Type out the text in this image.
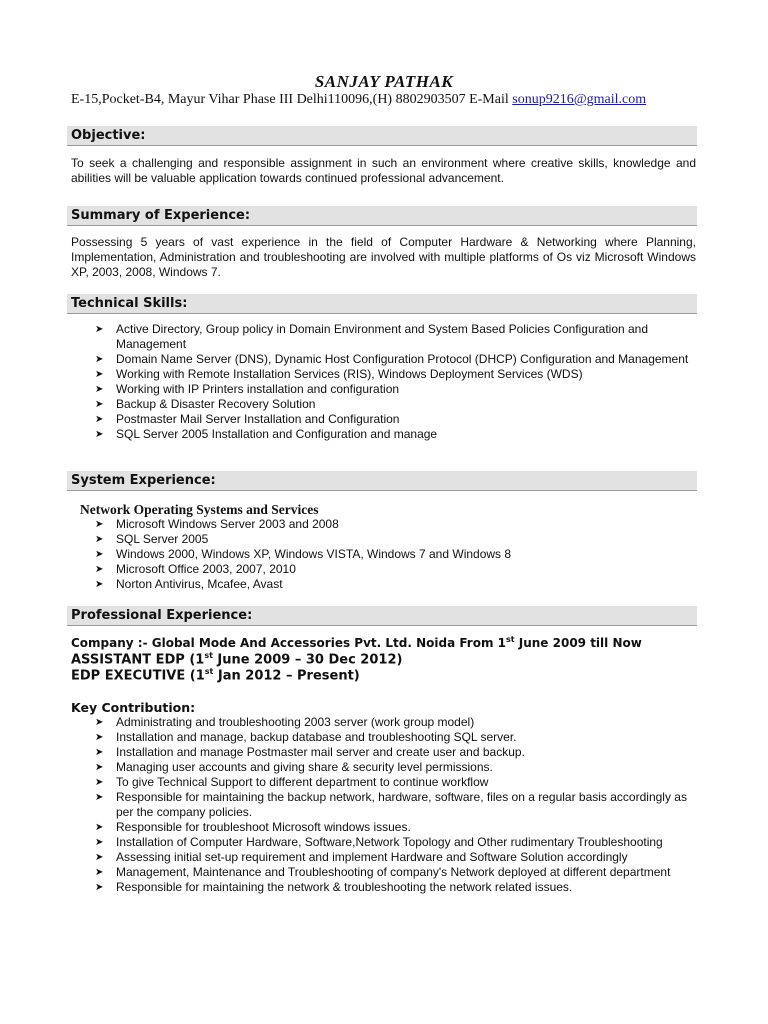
SANJAY PATHAK
E-15,Pocket-B4, Mayur Vihar Phase III Delhi110096,(H) 8802903507 E-Mail sonup9216@gmail.com
Objective:
To seek a challenging and responsible assignment in such an environment where creative skills, knowledge and abilities will be valuable application towards continued professional advancement.
Summary of Experience:
Possessing 5 years of vast experience in the field of Computer Hardware & Networking where Planning, Implementation, Administration and troubleshooting are involved with multiple platforms of Os viz Microsoft Windows XP, 2003, 2008, Windows 7.
Technical Skills:
➤ Active Directory, Group policy in Domain Environment and System Based Policies Configuration and Management
➤ Domain Name Server (DNS), Dynamic Host Configuration Protocol (DHCP) Configuration and Management
➤ Working with Remote Installation Services (RIS), Windows Deployment Services (WDS)
➤ Working with IP Printers installation and configuration
➤ Backup & Disaster Recovery Solution
➤ Postmaster Mail Server Installation and Configuration
➤ SQL Server 2005 Installation and Configuration and manage
System Experience:
Network Operating Systems and Services
➤ Microsoft Windows Server 2003 and 2008
➤ SQL Server 2005
➤ Windows 2000, Windows XP, Windows VISTA, Windows 7 and Windows 8
➤ Microsoft Office 2003, 2007, 2010
➤ Norton Antivirus, Mcafee, Avast
Professional Experience:
Company :- Global Mode And Accessories Pvt. Ltd. Noida From 1st June 2009 till Now
ASSISTANT EDP (1st June 2009 – 30 Dec 2012)
EDP EXECUTIVE (1st Jan 2012 – Present)
Key Contribution:
➤ Administrating and troubleshooting 2003 server (work group model)
➤ Installation and manage, backup database and troubleshooting SQL server.
➤ Installation and manage Postmaster mail server and create user and backup.
➤ Managing user accounts and giving share & security level permissions.
➤ To give Technical Support to different department to continue workflow
➤ Responsible for maintaining the backup network, hardware, software, files on a regular basis accordingly as per the company policies.
➤ Responsible for troubleshoot Microsoft windows issues.
➤ Installation of Computer Hardware, Software,Network Topology and Other rudimentary Troubleshooting
➤ Assessing initial set-up requirement and implement Hardware and Software Solution accordingly
➤ Management, Maintenance and Troubleshooting of company's Network deployed at different department
➤ Responsible for maintaining the network & troubleshooting the network related issues.
